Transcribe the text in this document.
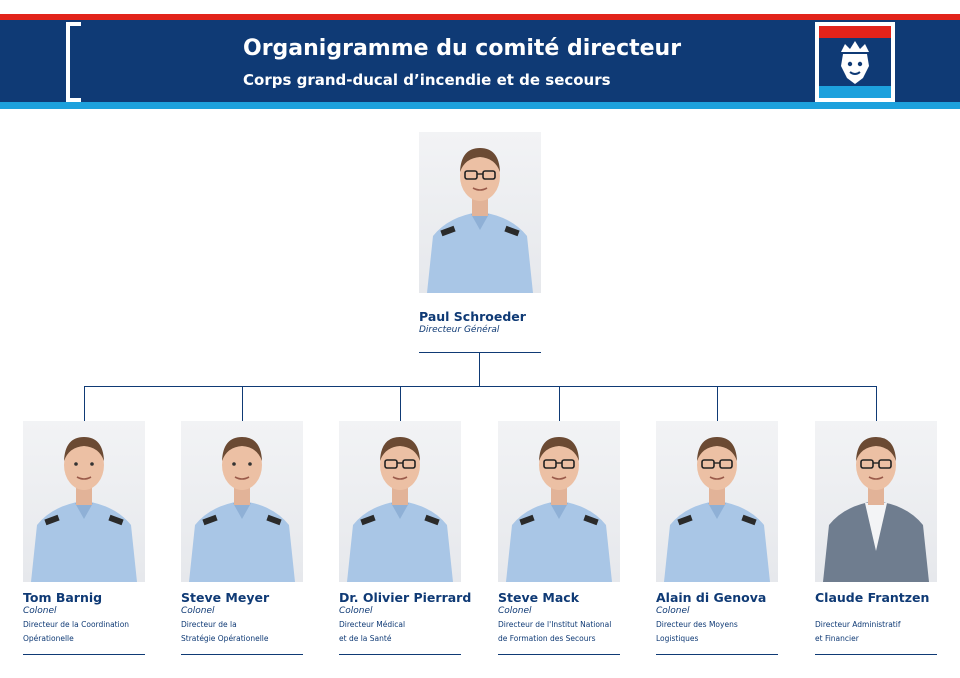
Organigramme du comité directeur
Corps grand-ducal d’incendie et de secours
Paul Schroeder
Directeur Général
Tom Barnig
Colonel
Directeur de la Coordination
Opérationelle
Steve Meyer
Colonel
Directeur de la
Stratégie Opérationelle
Dr. Olivier Pierrard
Colonel
Directeur Médical
et de la Santé
Steve Mack
Colonel
Directeur de l'Institut National
de Formation des Secours
Alain di Genova
Colonel
Directeur des Moyens
Logistiques
Claude Frantzen
Directeur Administratif
et Financier
